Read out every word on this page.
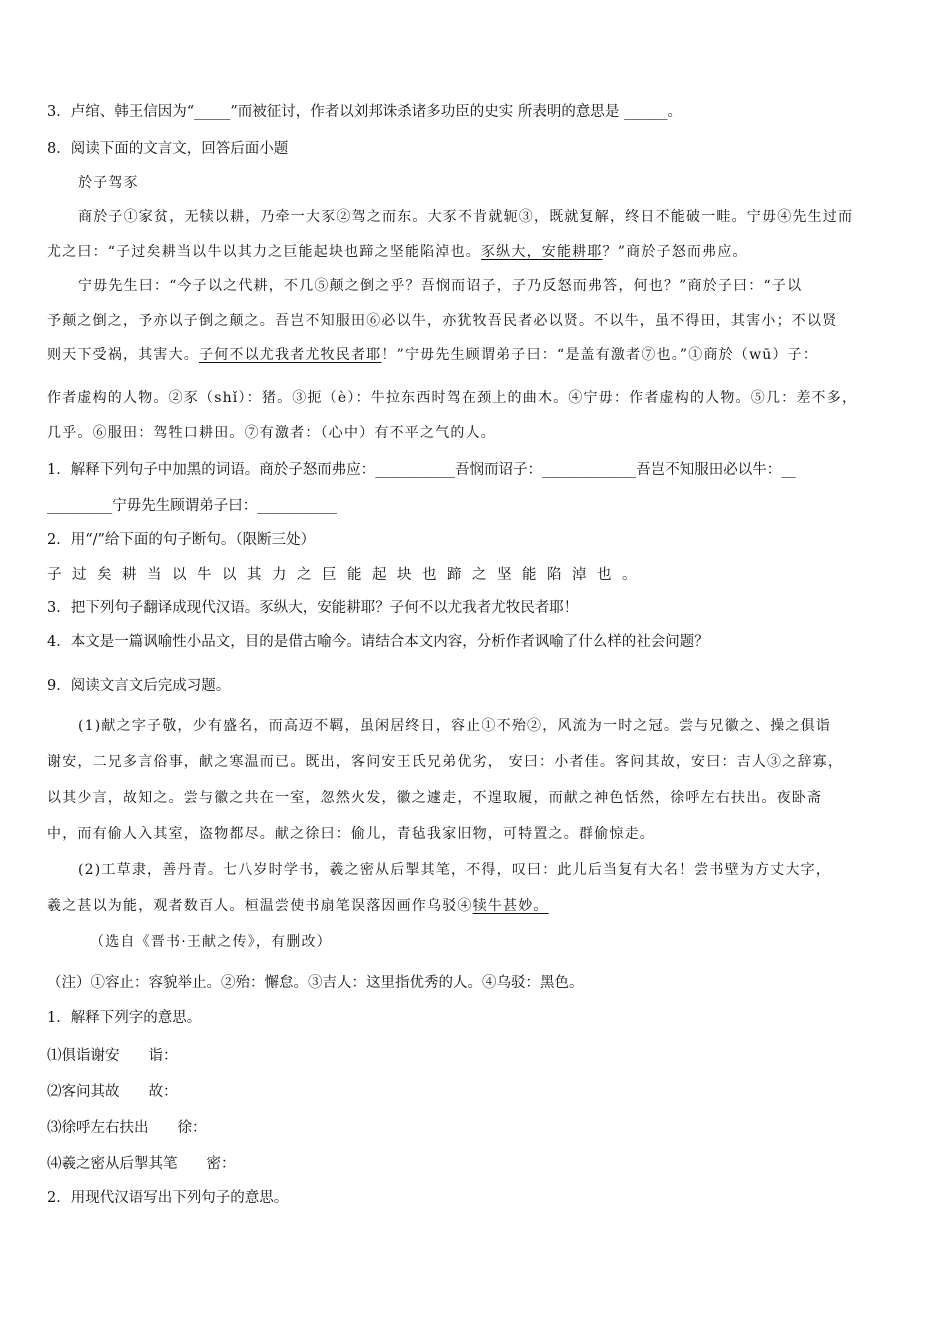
3．卢绾、韩王信因为“_____”而被征讨，作者以刘邦诛杀诸多功臣的史实 所表明的意思是 ______。
8．阅读下面的文言文，回答后面小题
於子驾豕
商於子①家贫，无犊以耕，乃牵一大豕②驾之而东。大豕不肯就轭③，既就复解，终日不能破一畦。宁毋④先生过而
尤之曰：“子过矣耕当以牛以其力之巨能起块也蹄之坚能陷淖也。豕纵大，安能耕耶？”商於子怒而弗应。
宁毋先生曰：“今子以之代耕，不几⑤颠之倒之乎？吾悯而诏子，子乃反怒而弗答，何也？”商於子曰：“子以
予颠之倒之，予亦以子倒之颠之。吾岂不知服田⑥必以牛，亦犹牧吾民者必以贤。不以牛，虽不得田，其害小；不以贤
则天下受祸，其害大。子何不以尤我者尤牧民者耶！”宁毋先生顾谓弟子曰：“是盖有激者⑦也。”①商於（wū）子：
作者虚构的人物。②豕（shǐ）：猪。③扼（è）：牛拉东西时驾在颈上的曲木。④宁毋：作者虚构的人物。⑤几：差不多，
几乎。⑥服田：驾牲口耕田。⑦有激者：（心中）有不平之气的人。
1．解释下列句子中加黑的词语。商於子怒而弗应：___________吾悯而诏子：_____________吾岂不知服田必以牛：__
_________宁毋先生顾谓弟子曰：___________
2．用“/”给下面的句子断句。（限断三处）
子过矣耕当以牛以其力之巨能起块也蹄之坚能陷淖也。
3．把下列句子翻译成现代汉语。豕纵大，安能耕耶？子何不以尤我者尤牧民者耶！
4．本文是一篇讽喻性小品文，目的是借古喻今。请结合本文内容，分析作者讽喻了什么样的社会问题？
9．阅读文言文后完成习题。
(1)献之字子敬，少有盛名，而高迈不羁，虽闲居终日，容止①不殆②，风流为一时之冠。尝与兄徽之、操之俱诣
谢安，二兄多言俗事，献之寒温而已。既出，客问安王氏兄弟优劣， 安曰：小者佳。客问其故，安曰：吉人③之辞寡，
以其少言，故知之。尝与徽之共在一室，忽然火发，徽之遽走，不遑取履，而献之神色恬然，徐呼左右扶出。夜卧斋
中，而有偷人入其室，盗物都尽。献之徐曰：偷儿，青毡我家旧物，可特置之。群偷惊走。
(2)工草隶，善丹青。七八岁时学书，羲之密从后掣其笔，不得，叹曰：此儿后当复有大名！尝书壁为方丈大字，
羲之甚以为能，观者数百人。桓温尝使书扇笔误落因画作乌驳④犊牛甚妙。
（选自《晋书·王献之传》，有删改）
（注）①容止：容貌举止。②殆：懈怠。③吉人：这里指优秀的人。④乌驳：黑色。
1．解释下列字的意思。
⑴俱诣谢安　　诣：
⑵客问其故　　故：
⑶徐呼左右扶出　　徐：
⑷羲之密从后掣其笔　　密：
2．用现代汉语写出下列句子的意思。
